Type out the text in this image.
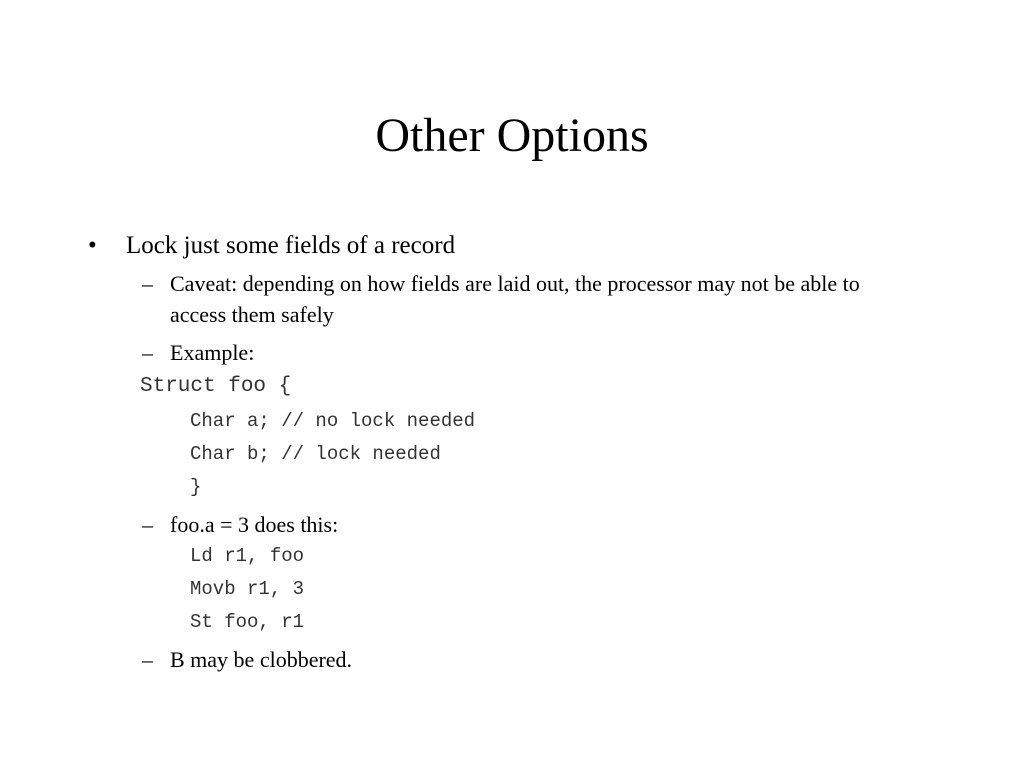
Other Options
• Lock just some fields of a record
– Caveat: depending on how fields are laid out, the processor may not be able to access them safely
– Example:
Struct foo {
Char a; // no lock needed
Char b; // lock needed
}
– foo.a = 3 does this:
Ld r1, foo
Movb r1, 3
St foo, r1
– B may be clobbered.
